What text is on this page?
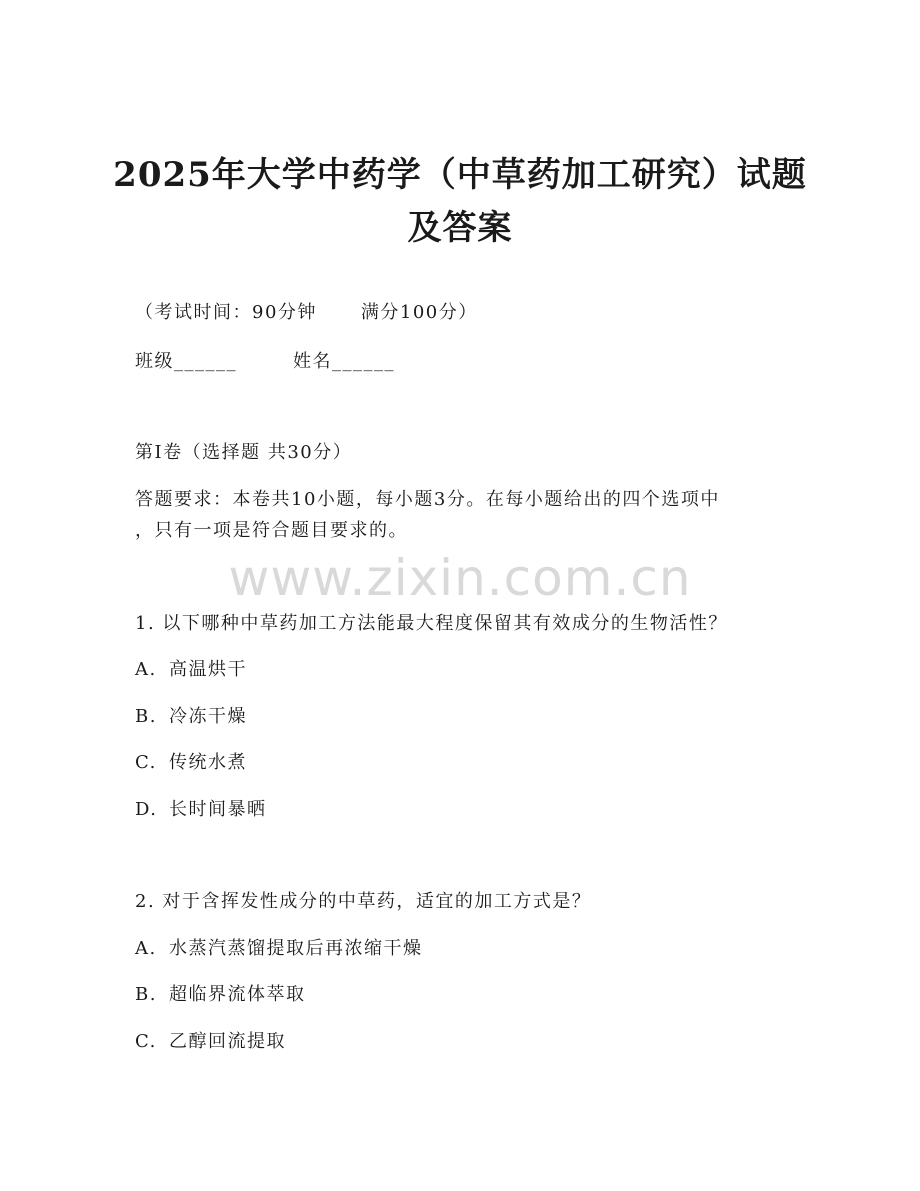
2025年大学中药学（中草药加工研究）试题
及答案
（考试时间：90分钟 满分100分）
班级______	姓名______
第I卷（选择题 共30分）
答题要求：本卷共10小题，每小题3分。在每小题给出的四个选项中
，只有一项是符合题目要求的。
www.zixin.com.cn
1. 以下哪种中草药加工方法能最大程度保留其有效成分的生物活性？
A. 高温烘干
B. 冷冻干燥
C. 传统水煮
D. 长时间暴晒
2. 对于含挥发性成分的中草药，适宜的加工方式是？
A. 水蒸汽蒸馏提取后再浓缩干燥
B. 超临界流体萃取
C. 乙醇回流提取
